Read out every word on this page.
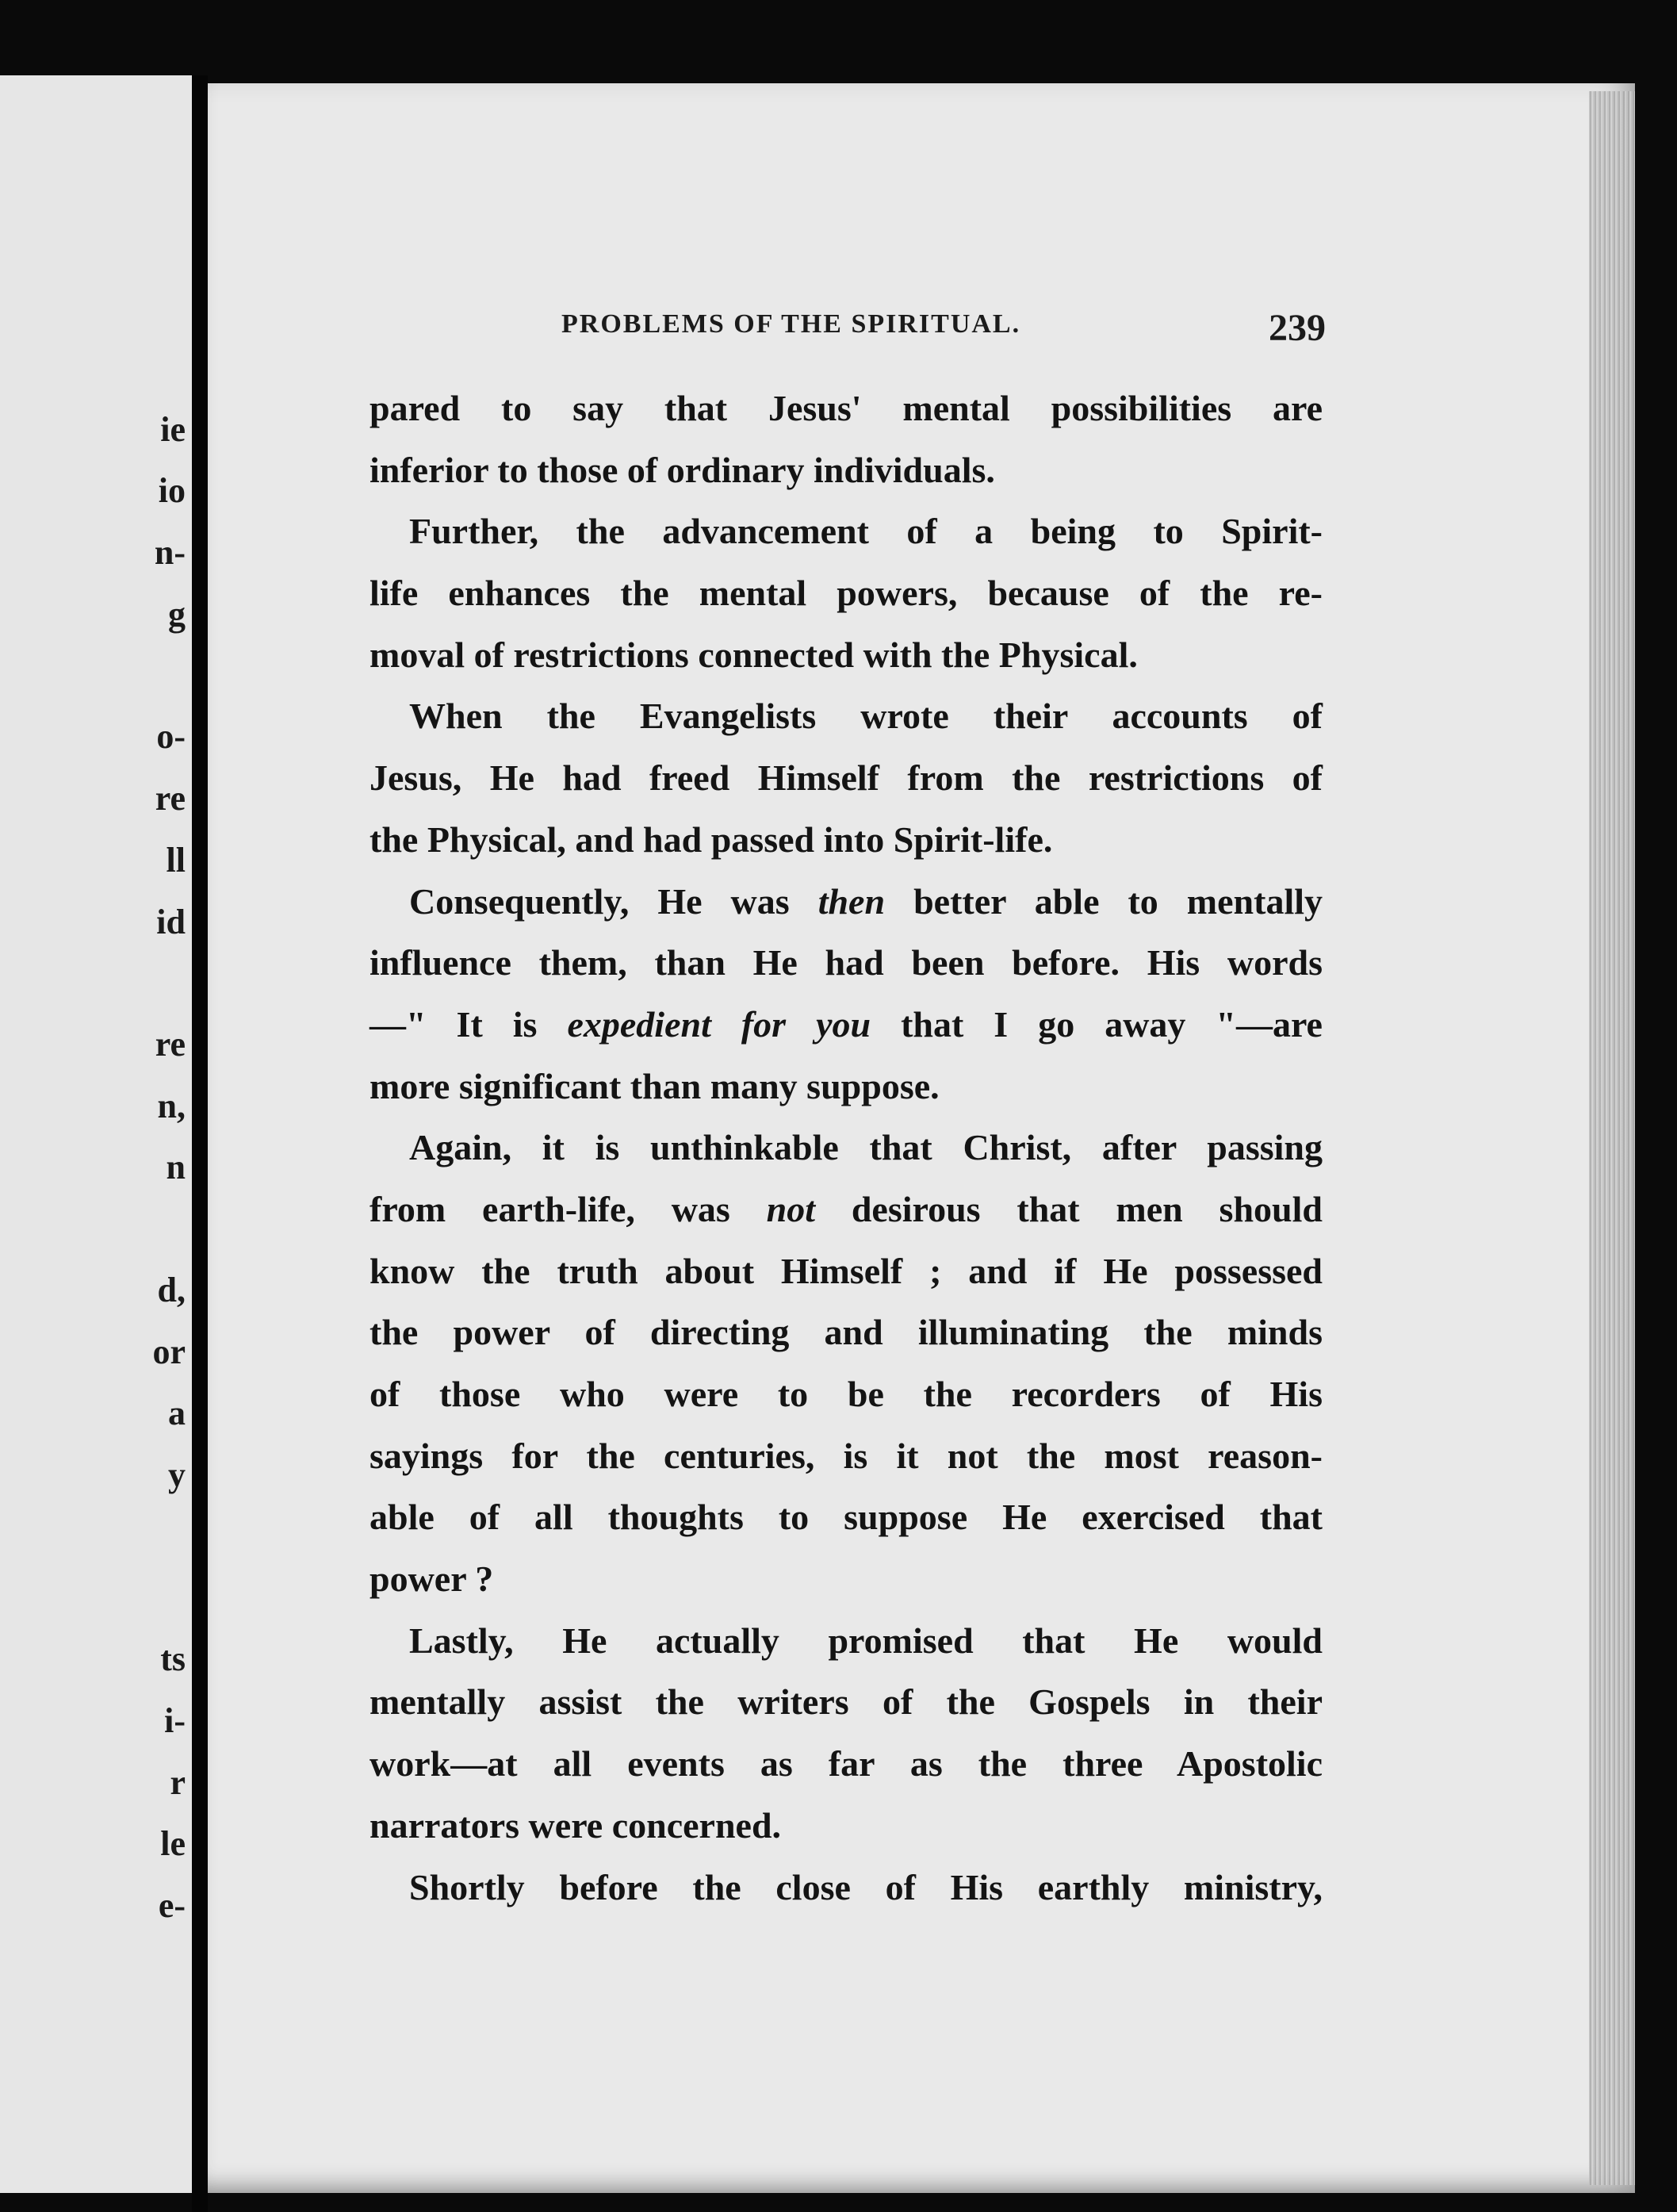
ie
io
n-
g
o-
re
ll
id
re
n,
n
d,
or
a
y
ts
i-
r
le
e-
PROBLEMS OF THE SPIRITUAL.	239
pared to say that Jesus' mental possibilities are
inferior to those of ordinary individuals.
Further, the advancement of a being to Spirit-
life enhances the mental powers, because of the re-
moval of restrictions connected with the Physical.
When the Evangelists wrote their accounts of
Jesus, He had freed Himself from the restrictions of
the Physical, and had passed into Spirit-life.
Consequently, He was then better able to mentally
influence them, than He had been before. His words
—" It is expedient for you that I go away "—are
more significant than many suppose.
Again, it is unthinkable that Christ, after passing
from earth-life, was not desirous that men should
know the truth about Himself ; and if He possessed
the power of directing and illuminating the minds
of those who were to be the recorders of His
sayings for the centuries, is it not the most reason-
able of all thoughts to suppose He exercised that
power ?
Lastly, He actually promised that He would
mentally assist the writers of the Gospels in their
work—at all events as far as the three Apostolic
narrators were concerned.
Shortly before the close of His earthly ministry,
